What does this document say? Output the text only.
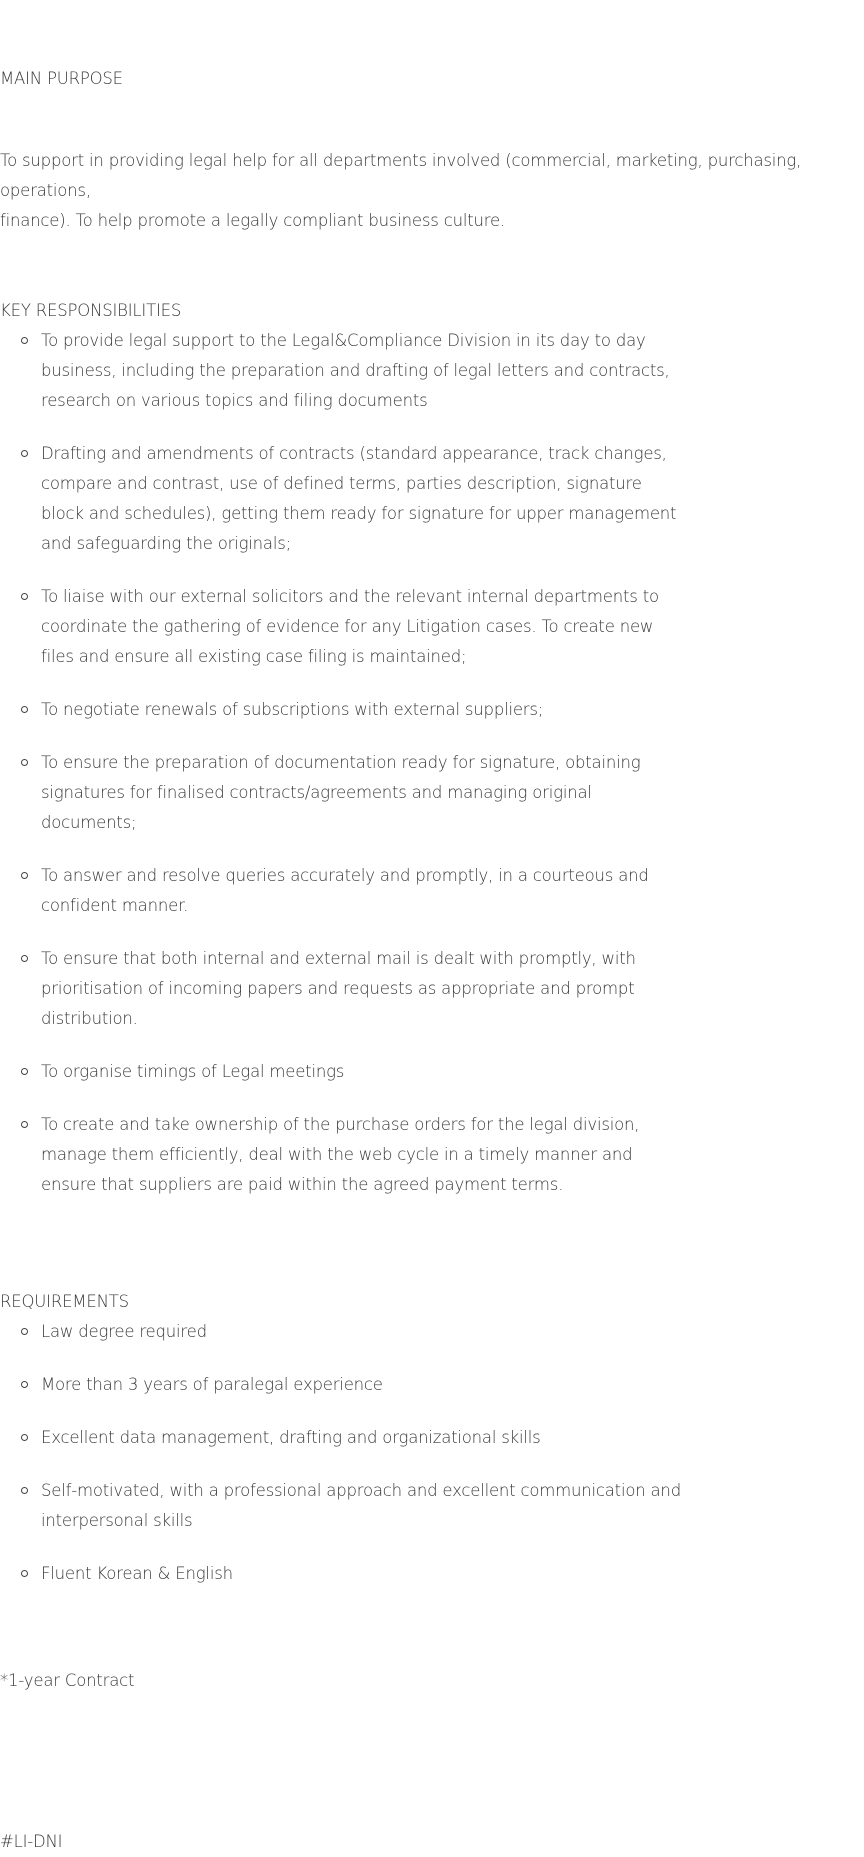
MAIN PURPOSE

To support in providing legal help for all departments involved (commercial, marketing, purchasing, operations,

finance). To help promote a legally compliant business culture.

KEY RESPONSIBILITIES
To provide legal support to the Legal&Compliance Division in its day to day business, including the preparation and drafting of legal letters and contracts, research on various topics and filing documents
Drafting and amendments of contracts (standard appearance, track changes, compare and contrast, use of defined terms, parties description, signature block and schedules), getting them ready for signature for upper management and safeguarding the originals;
To liaise with our external solicitors and the relevant internal departments to coordinate the gathering of evidence for any Litigation cases. To create new files and ensure all existing case filing is maintained;
To negotiate renewals of subscriptions with external suppliers;
To ensure the preparation of documentation ready for signature, obtaining signatures for finalised contracts/agreements and managing original documents;
To answer and resolve queries accurately and promptly, in a courteous and confident manner.
To ensure that both internal and external mail is dealt with promptly, with prioritisation of incoming papers and requests as appropriate and prompt distribution.
To organise timings of Legal meetings
To create and take ownership of the purchase orders for the legal division, manage them efficiently, deal with the web cycle in a timely manner and ensure that suppliers are paid within the agreed payment terms.
REQUIREMENTS
Law degree required
More than 3 years of paralegal experience
Excellent data management, drafting and organizational skills
Self-motivated, with a professional approach and excellent communication and interpersonal skills
Fluent Korean & English

*1-year Contract

#LI-DNI
